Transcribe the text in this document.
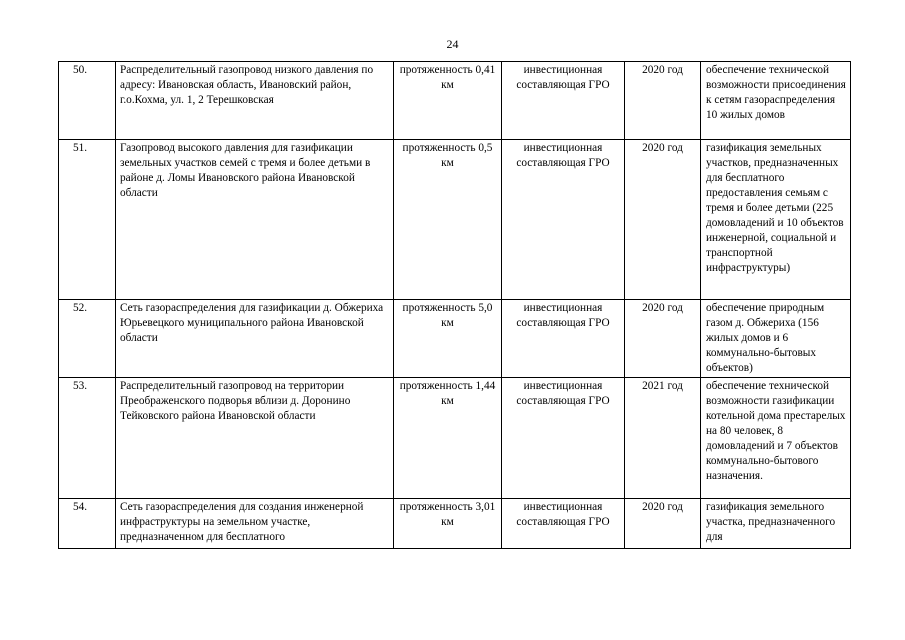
24
50.	Распределительный газопровод низкого давления по адресу: Ивановская область, Ивановский район, г.о.Кохма, ул. 1, 2 Терешковская	протяженность 0,41 км	инвестиционная составляющая ГРО	2020 год	обеспечение технической возможности присоединения к сетям газораспределения 10 жилых домов
51.	Газопровод высокого давления для газификации земельных участков семей с тремя и более детьми в районе д. Ломы Ивановского района Ивановской области	протяженность 0,5 км	инвестиционная составляющая ГРО	2020 год	газификация земельных участков, предназначенных для бесплатного предоставления семьям с тремя и более детьми (225 домовладений и 10 объектов инженерной, социальной и транспортной инфраструктуры)
52.	Сеть газораспределения для газификации д. Обжериха Юрьевецкого муниципального района Ивановской области	протяженность 5,0 км	инвестиционная составляющая ГРО	2020 год	обеспечение природным газом д. Обжериха (156 жилых домов и 6 коммунально-бытовых объектов)
53.	Распределительный газопровод на территории Преображенского подворья вблизи д. Доронино Тейковского района Ивановской области	протяженность 1,44 км	инвестиционная составляющая ГРО	2021 год	обеспечение технической возможности газификации котельной дома престарелых на 80 человек, 8 домовладений и 7 объектов коммунально-бытового назначения.
54.	Сеть газораспределения для создания инженерной инфраструктуры на земельном участке, предназначенном для бесплатного	протяженность 3,01 км	инвестиционная составляющая ГРО	2020 год	газификация земельного участка, предназначенного для
